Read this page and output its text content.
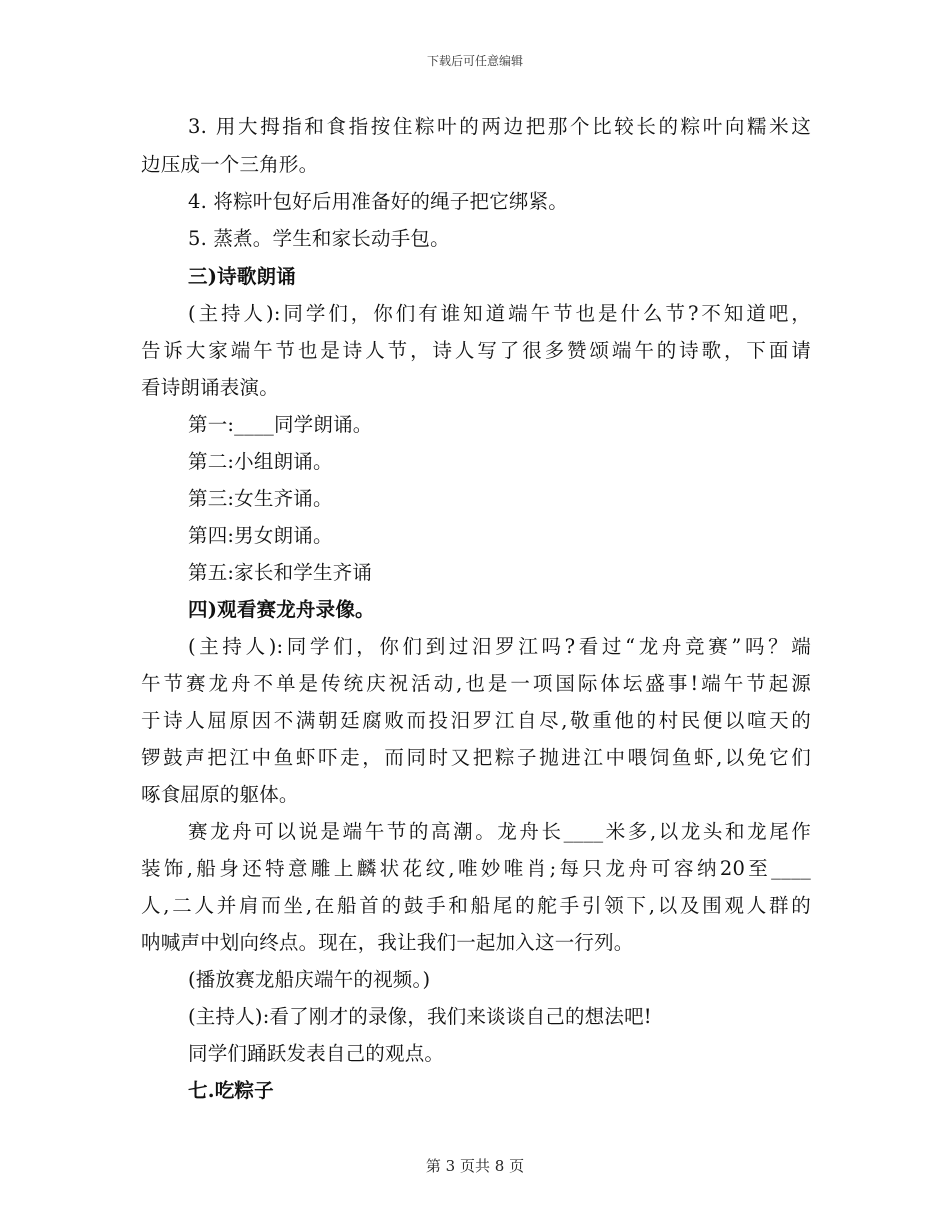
下载后可任意编辑
3. 用大拇指和食指按住粽叶的两边把那个比较长的粽叶向糯米这
边压成一个三角形。
4. 将粽叶包好后用准备好的绳子把它绑紧。
5. 蒸煮。学生和家长动手包。
三)诗歌朗诵
(主持人):同学们，你们有谁知道端午节也是什么节?不知道吧，
告诉大家端午节也是诗人节，诗人写了很多赞颂端午的诗歌，下面请
看诗朗诵表演。
第一:____同学朗诵。
第二:小组朗诵。
第三:女生齐诵。
第四:男女朗诵。
第五:家长和学生齐诵
四)观看赛龙舟录像。
(主持人):同学们，你们到过汨罗江吗?看过“龙舟竞赛”吗？端
午节赛龙舟不单是传统庆祝活动,也是一项国际体坛盛事!端午节起源
于诗人屈原因不满朝廷腐败而投汨罗江自尽,敬重他的村民便以喧天的
锣鼓声把江中鱼虾吓走，而同时又把粽子抛进江中喂饲鱼虾,以免它们
啄食屈原的躯体。
赛龙舟可以说是端午节的高潮。龙舟长____米多,以龙头和龙尾作
装饰,船身还特意雕上麟状花纹,唯妙唯肖;每只龙舟可容纳20至____
人,二人并肩而坐,在船首的鼓手和船尾的舵手引领下,以及围观人群的
呐喊声中划向终点。现在，我让我们一起加入这一行列。
(播放赛龙船庆端午的视频。)
(主持人):看了刚才的录像，我们来谈谈自己的想法吧!
同学们踊跃发表自己的观点。
七.吃粽子
第 3 页共 8 页
